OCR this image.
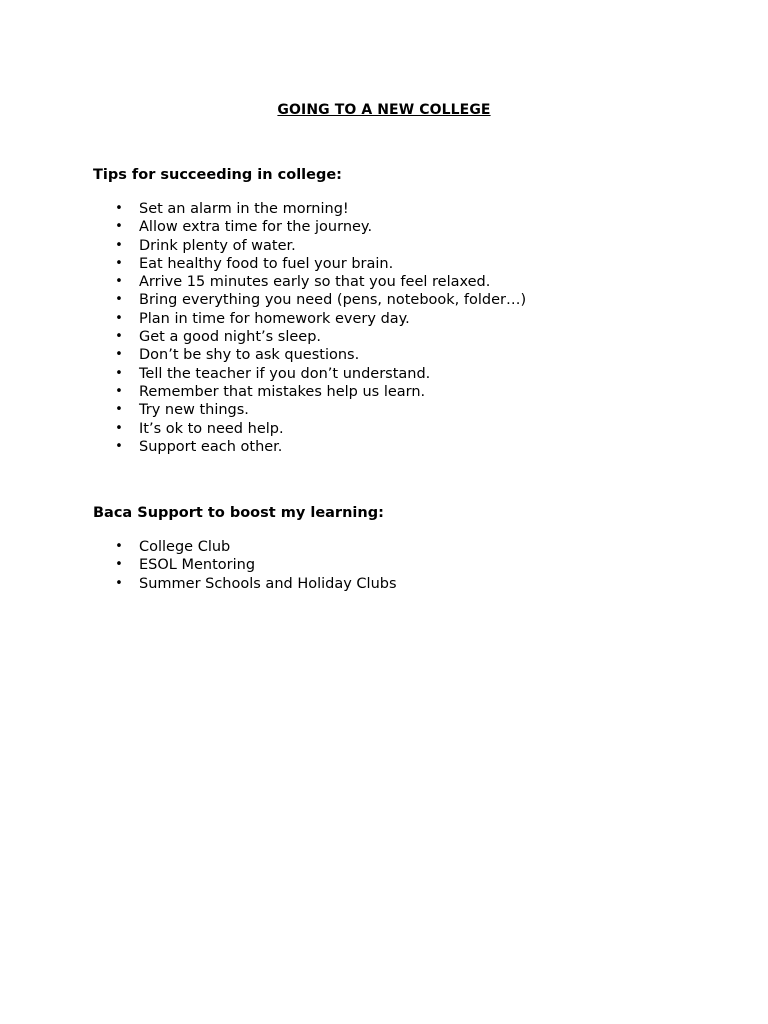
GOING TO A NEW COLLEGE
Tips for succeeding in college:
• Set an alarm in the morning!
• Allow extra time for the journey.
• Drink plenty of water.
• Eat healthy food to fuel your brain.
• Arrive 15 minutes early so that you feel relaxed.
• Bring everything you need (pens, notebook, folder…)
• Plan in time for homework every day.
• Get a good night’s sleep.
• Don’t be shy to ask questions.
• Tell the teacher if you don’t understand.
• Remember that mistakes help us learn.
• Try new things.
• It’s ok to need help.
• Support each other.
Baca Support to boost my learning:
• College Club
• ESOL Mentoring
• Summer Schools and Holiday Clubs
